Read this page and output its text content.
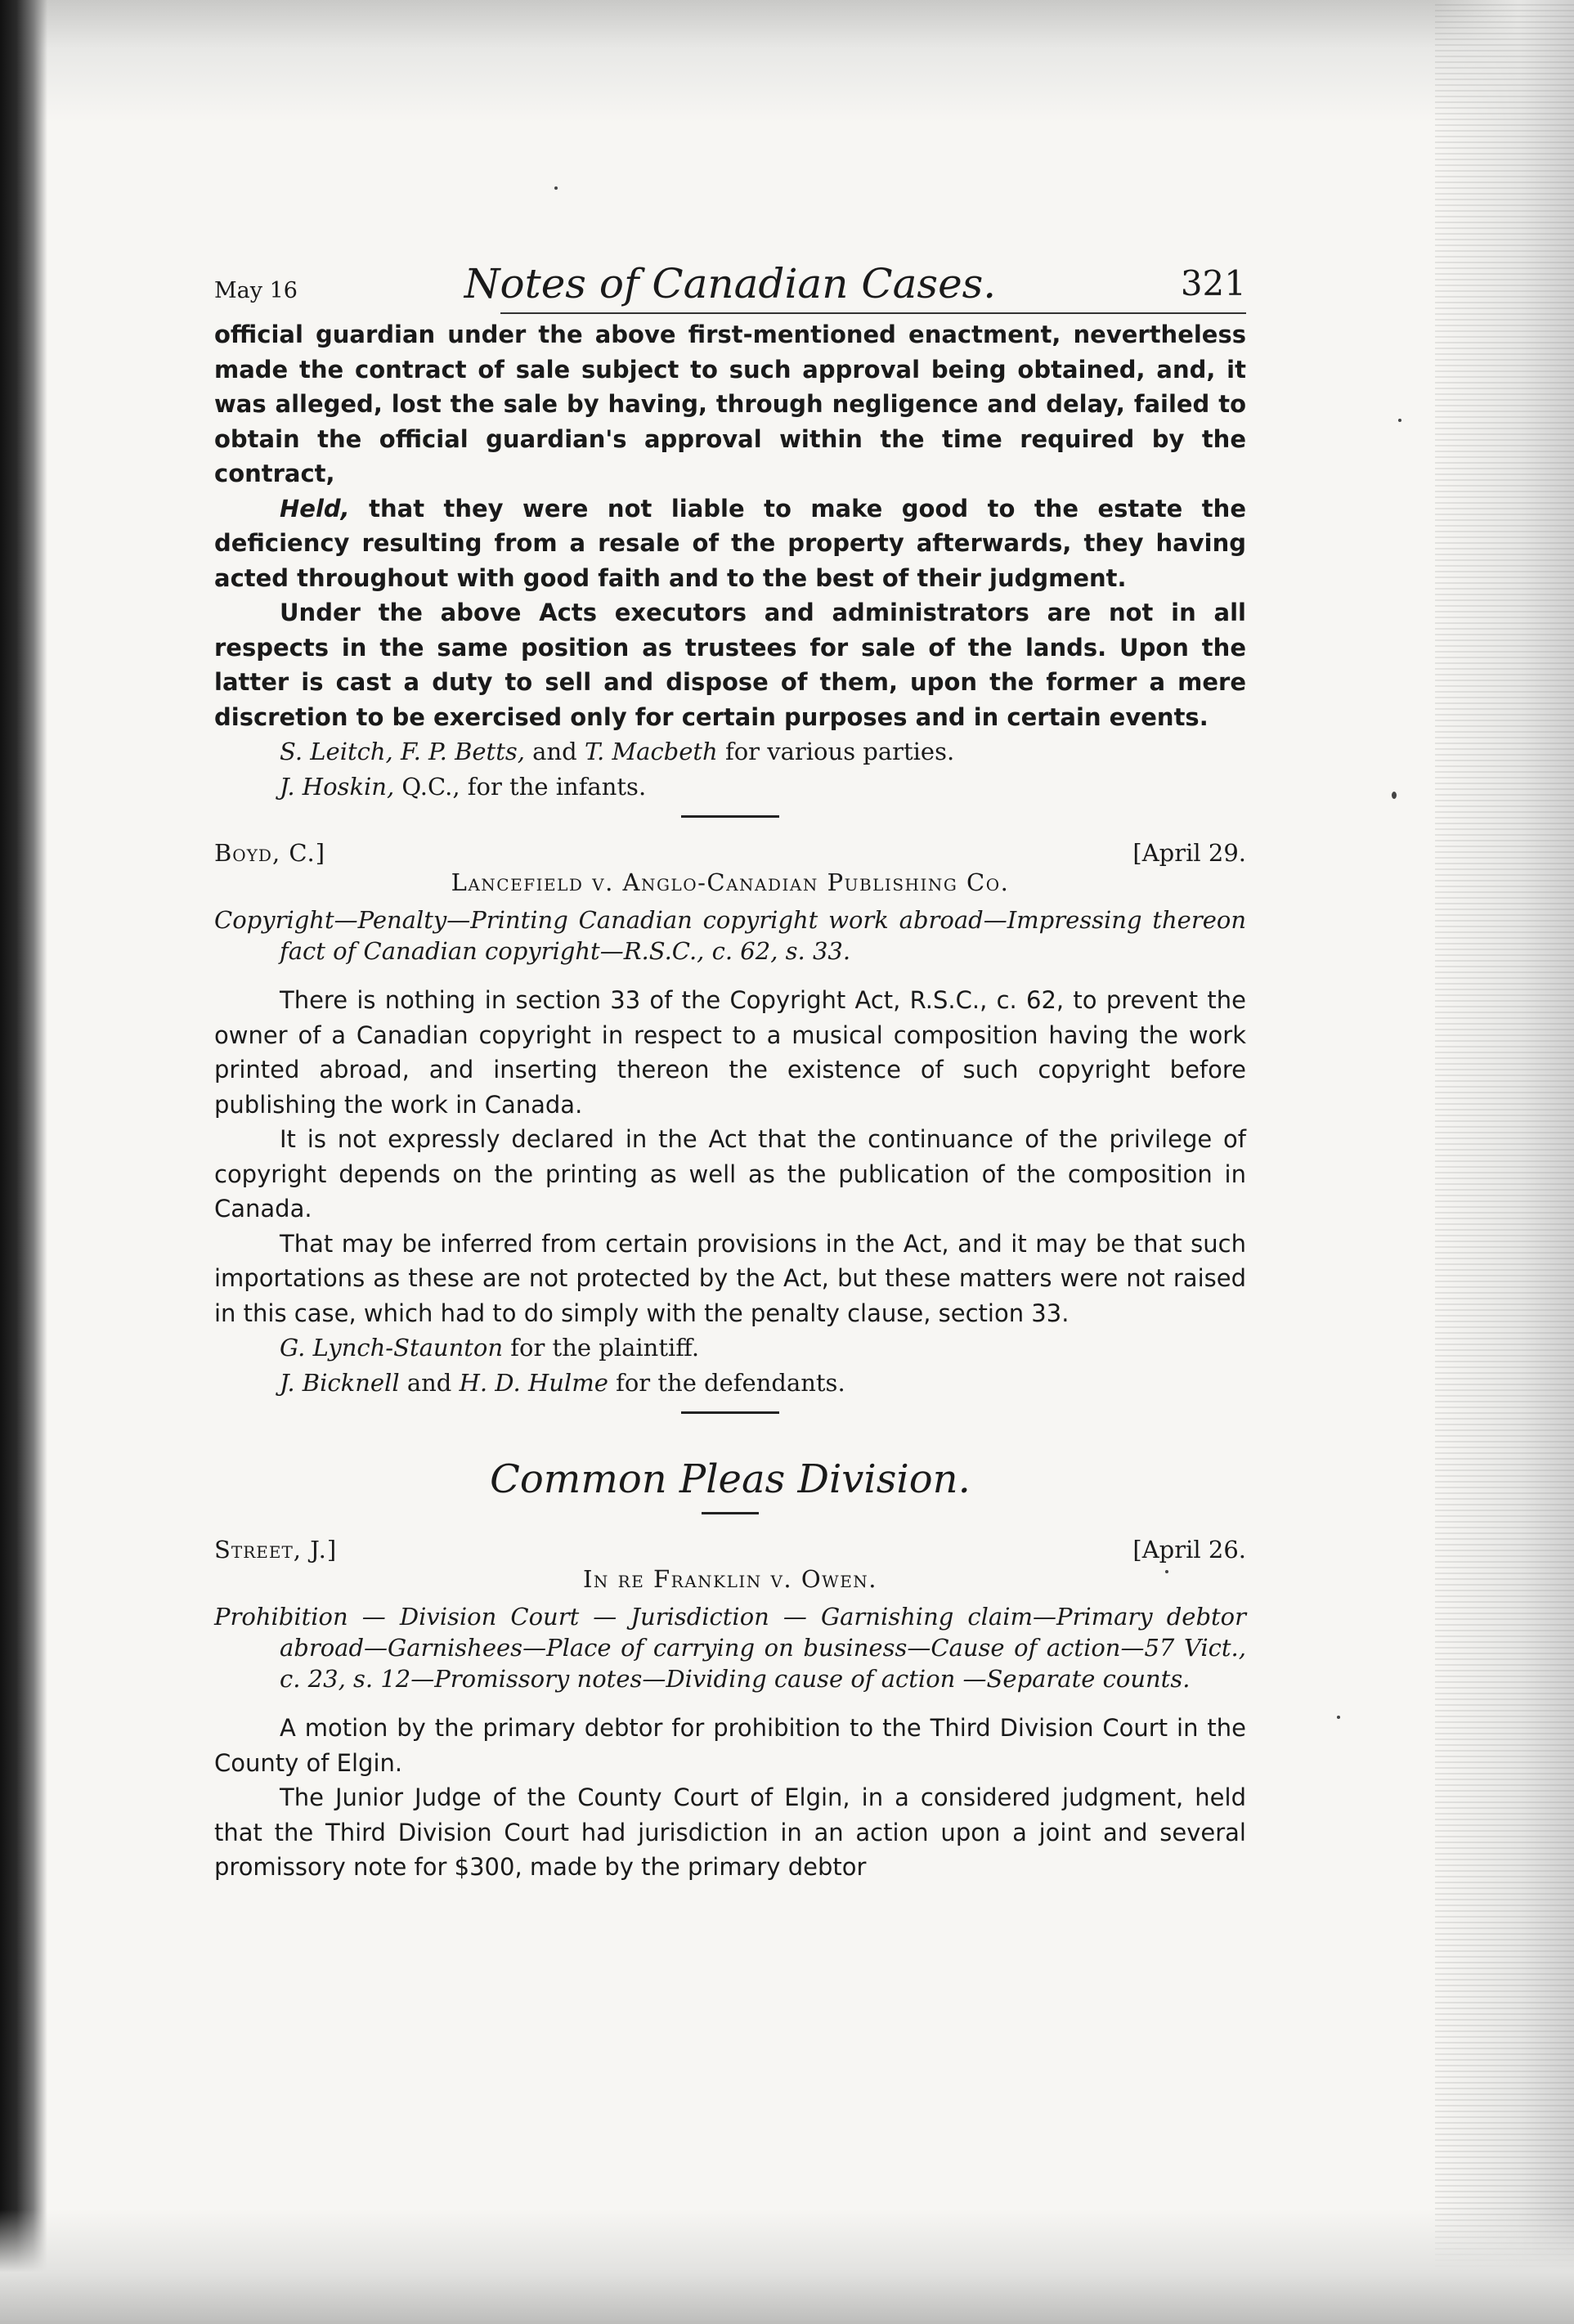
May 16	Notes of Canadian Cases.	321

official guardian under the above first-mentioned enactment, nevertheless made the contract of sale subject to such approval being obtained, and, it was alleged, lost the sale by having, through negligence and delay, failed to obtain the official guardian's approval within the time required by the contract,

Held, that they were not liable to make good to the estate the deficiency resulting from a resale of the property afterwards, they having acted throughout with good faith and to the best of their judgment.

Under the above Acts executors and administrators are not in all respects in the same position as trustees for sale of the lands. Upon the latter is cast a duty to sell and dispose of them, upon the former a mere discretion to be exercised only for certain purposes and in certain events.

S. Leitch, F. P. Betts, and T. Macbeth for various parties.

J. Hoskin, Q.C., for the infants.

Boyd, C.]	[April 29.
Lancefield v. Anglo-Canadian Publishing Co.

Copyright—Penalty—Printing Canadian copyright work abroad—Impressing thereon fact of Canadian copyright—R.S.C., c. 62, s. 33.

There is nothing in section 33 of the Copyright Act, R.S.C., c. 62, to prevent the owner of a Canadian copyright in respect to a musical composition having the work printed abroad, and inserting thereon the existence of such copyright before publishing the work in Canada.

It is not expressly declared in the Act that the continuance of the privilege of copyright depends on the printing as well as the publication of the composition in Canada.

That may be inferred from certain provisions in the Act, and it may be that such importations as these are not protected by the Act, but these matters were not raised in this case, which had to do simply with the penalty clause, section 33.

G. Lynch-Staunton for the plaintiff.

J. Bicknell and H. D. Hulme for the defendants.

Common Pleas Division.
Street, J.]	[April 26.
In re Franklin v. Owen.

Prohibition — Division Court — Jurisdiction — Garnishing claim—Primary debtor abroad—Garnishees—Place of carrying on business—Cause of action—57 Vict., c. 23, s. 12—Promissory notes—Dividing cause of action —Separate counts.

A motion by the primary debtor for prohibition to the Third Division Court in the County of Elgin.

The Junior Judge of the County Court of Elgin, in a considered judgment, held that the Third Division Court had jurisdiction in an action upon a joint and several promissory note for $300, made by the primary debtor
